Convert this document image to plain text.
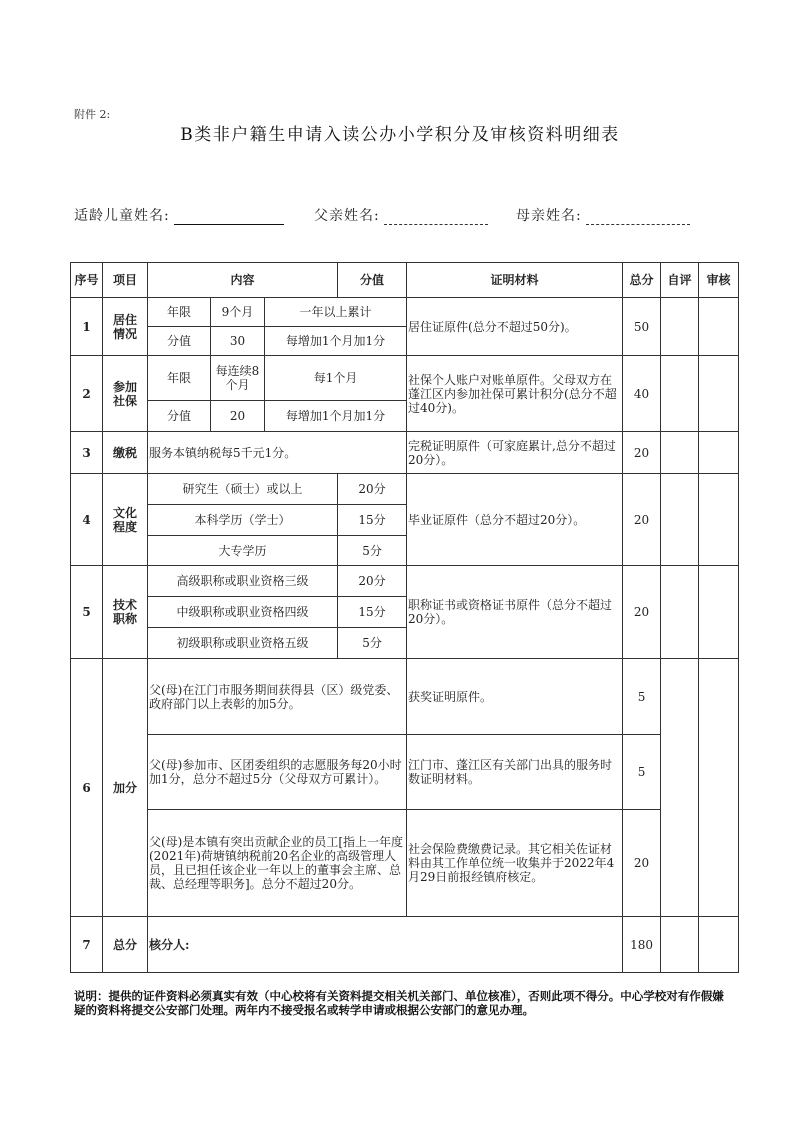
附件 2:
B类非户籍生申请入读公办小学积分及审核资料明细表
适龄儿童姓名:	父亲姓名:	母亲姓名:
序号	项目	内容			分值	证明材料	总分	自评	审核
1	居住情况	年限	9个月	一年以上累计		居住证原件(总分不超过50分)。	50		
		分值	30	每增加1个月加1分					
2	参加社保	年限	每连续8个月	每1个月		社保个人账户对账单原件。父母双方在蓬江区内参加社保可累计积分(总分不超过40分)。	40		
		分值	20	每增加1个月加1分					
3	缴税	服务本镇纳税每5千元1分。				完税证明原件（可家庭累计,总分不超过20分）。	20		
4	文化程度	研究生（硕士）或以上			20分	毕业证原件（总分不超过20分）。	20		
		本科学历（学士）			15分				
		大专学历			5分				
5	技术职称	高级职称或职业资格三级			20分	职称证书或资格证书原件（总分不超过20分）。	20		
		中级职称或职业资格四级			15分				
		初级职称或职业资格五级			5分				
6	加分	父(母)在江门市服务期间获得县（区）级党委、政府部门以上表彰的加5分。				获奖证明原件。	5		
		父(母)参加市、区团委组织的志愿服务每20小时加1分，总分不超过5分（父母双方可累计）。				江门市、蓬江区有关部门出具的服务时数证明材料。	5		
		父(母)是本镇有突出贡献企业的员工[指上一年度(2021年)荷塘镇纳税前20名企业的高级管理人员，且已担任该企业一年以上的董事会主席、总裁、总经理等职务]。总分不超过20分。				社会保险费缴费记录。其它相关佐证材料由其工作单位统一收集并于2022年4月29日前报经镇府核定。	20		
7	总分	核分人:					180		
说明：提供的证件资料必须真实有效（中心校将有关资料提交相关机关部门、单位核准），否则此项不得分。中心学校对有作假嫌疑的资料将提交公安部门处理。两年内不接受报名或转学申请或根据公安部门的意见办理。
